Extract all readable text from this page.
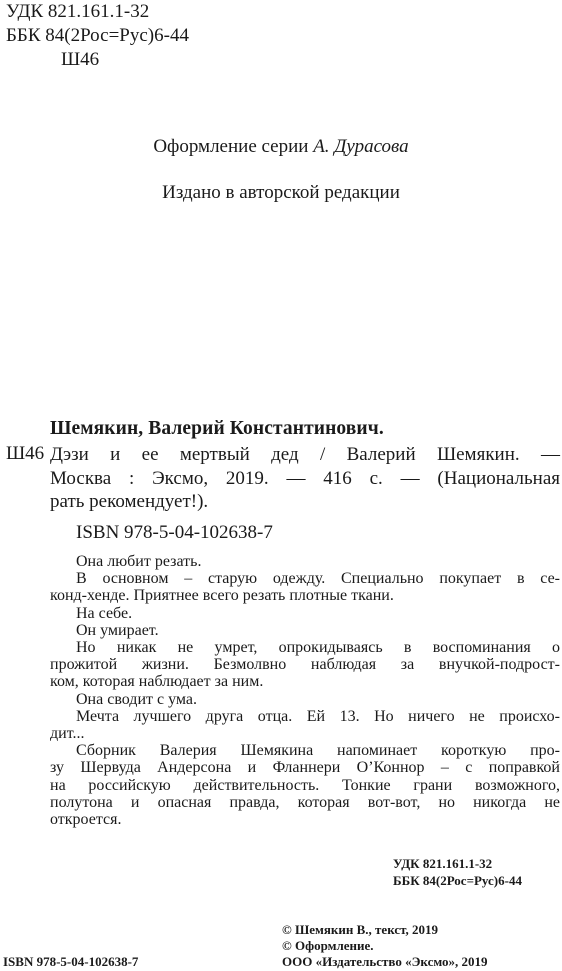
УДК 821.161.1-32
ББК 84(2Рос=Рус)6-44
Ш46
Оформление серии А. Дурасова
Издано в авторской редакции
Шемякин, Валерий Константинович.
Ш46 Дэзи и ее мертвый дед / Валерий Шемякин. —
Москва : Эксмо, 2019. — 416 с. — (Национальная
рать рекомендует!).
ISBN 978-5-04-102638-7

Она любит резать.

В основном – старую одежду. Специально покупает в се-

конд-хенде. Приятнее всего резать плотные ткани.

На себе.

Он умирает.

Но никак не умрет, опрокидываясь в воспоминания о

прожитой жизни. Безмолвно наблюдая за внучкой-подрост-

ком, которая наблюдает за ним.

Она сводит с ума.

Мечта лучшего друга отца. Ей 13. Но ничего не происхо-

дит...

Сборник Валерия Шемякина напоминает короткую про-

зу Шервуда Андерсона и Фланнери О’Коннор – с поправкой

на российскую действительность. Тонкие грани возможного,

полутона и опасная правда, которая вот-вот, но никогда не

откроется.

УДК 821.161.1-32
ББК 84(2Рос=Рус)6-44
© Шемякин В., текст, 2019
© Оформление.
ООО «Издательство «Эксмо», 2019
ISBN 978-5-04-102638-7
